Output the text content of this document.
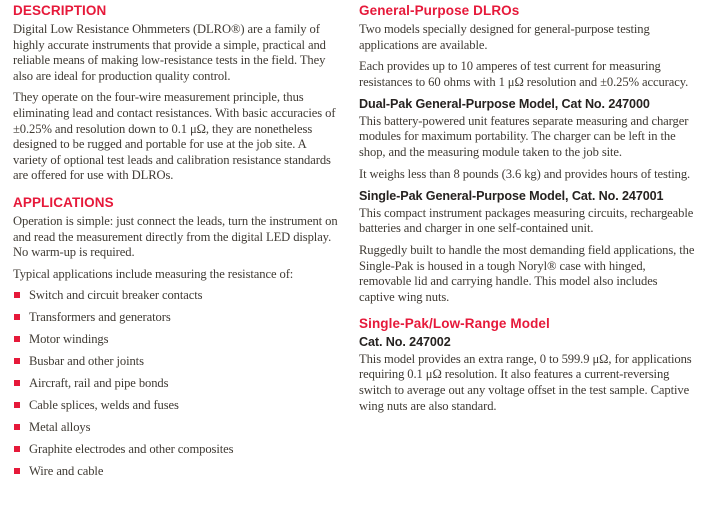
DESCRIPTION

Digital Low Resistance Ohmmeters (DLRO®) are a family of highly accurate instruments that provide a simple, practical and reliable means of making low-resistance tests in the field. They also are ideal for production quality control.

They operate on the four-wire measurement principle, thus eliminating lead and contact resistances. With basic accuracies of ±0.25% and resolution down to 0.1 μΩ, they are nonetheless designed to be rugged and portable for use at the job site. A variety of optional test leads and calibration resistance standards are offered for use with DLROs.

APPLICATIONS

Operation is simple: just connect the leads, turn the instrument on and read the measurement directly from the digital LED display. No warm-up is required.

Typical applications include measuring the resistance of:

Switch and circuit breaker contacts
Transformers and generators
Motor windings
Busbar and other joints
Aircraft, rail and pipe bonds
Cable splices, welds and fuses
Metal alloys
Graphite electrodes and other composites
Wire and cable
General-Purpose DLROs

Two models specially designed for general-purpose testing applications are available.

Each provides up to 10 amperes of test current for measuring resistances to 60 ohms with 1 μΩ resolution and ±0.25% accuracy.

Dual-Pak General-Purpose Model, Cat No. 247000

This battery-powered unit features separate measuring and charger modules for maximum portability. The charger can be left in the shop, and the measuring module taken to the job site.

It weighs less than 8 pounds (3.6 kg) and provides hours of testing.

Single-Pak General-Purpose Model, Cat. No. 247001

This compact instrument packages measuring circuits, rechargeable batteries and charger in one self-contained unit.

Ruggedly built to handle the most demanding field applications, the Single-Pak is housed in a tough Noryl® case with hinged, removable lid and carrying handle. This model also includes captive wing nuts.

Single-Pak/Low-Range Model
Cat. No. 247002

This model provides an extra range, 0 to 599.9 μΩ, for applications requiring 0.1 μΩ resolution. It also features a current-reversing switch to average out any voltage offset in the test sample. Captive wing nuts are also standard.
